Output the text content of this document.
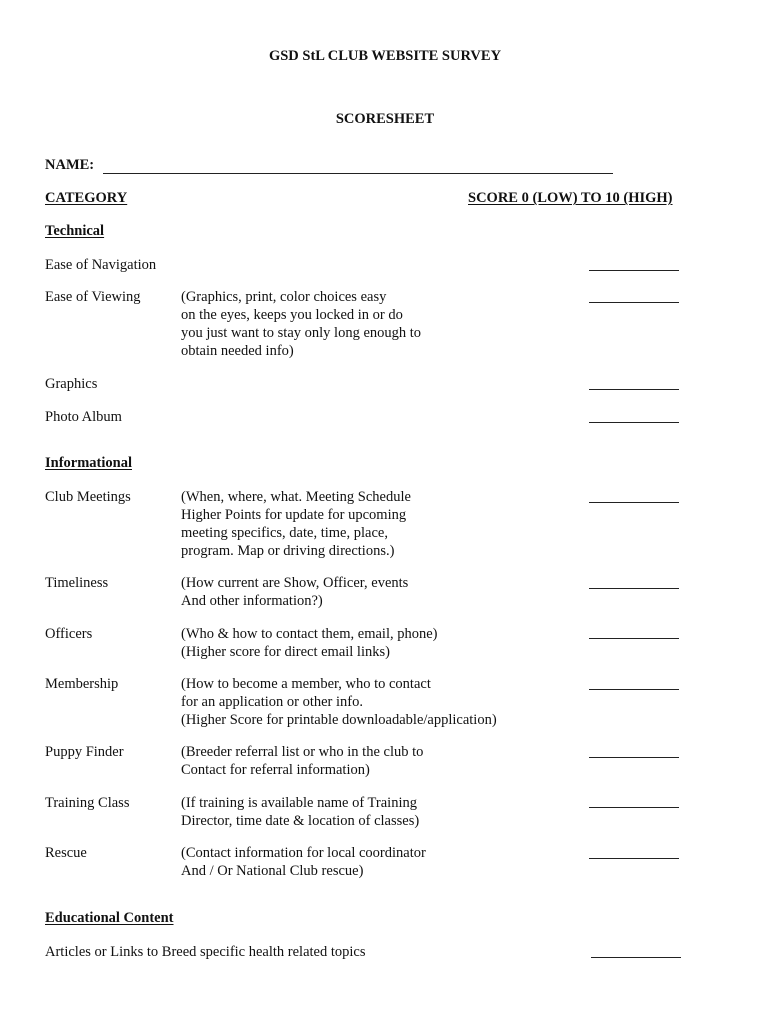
GSD StL CLUB WEBSITE SURVEY
SCORESHEET
NAME:
CATEGORY	SCORE 0 (LOW) TO 10 (HIGH)
Technical
Ease of Navigation
Ease of Viewing	(Graphics, print, color choices easy
on the eyes, keeps you locked in or do
you just want to stay only long enough to
obtain needed info)
Graphics
Photo Album
Informational
Club Meetings	(When, where, what. Meeting Schedule
Higher Points for update for upcoming
meeting specifics, date, time, place,
program. Map or driving directions.)
Timeliness	(How current are Show, Officer, events
And other information?)
Officers	(Who & how to contact them, email, phone)
(Higher score for direct email links)
Membership	(How to become a member, who to contact
for an application or other info.
(Higher Score for printable downloadable/application)
Puppy Finder	(Breeder referral list or who in the club to
Contact for referral information)
Training Class	(If training is available name of Training
Director, time date & location of classes)
Rescue	(Contact information for local coordinator
And / Or National Club rescue)
Educational Content
Articles or Links to Breed specific health related topics
